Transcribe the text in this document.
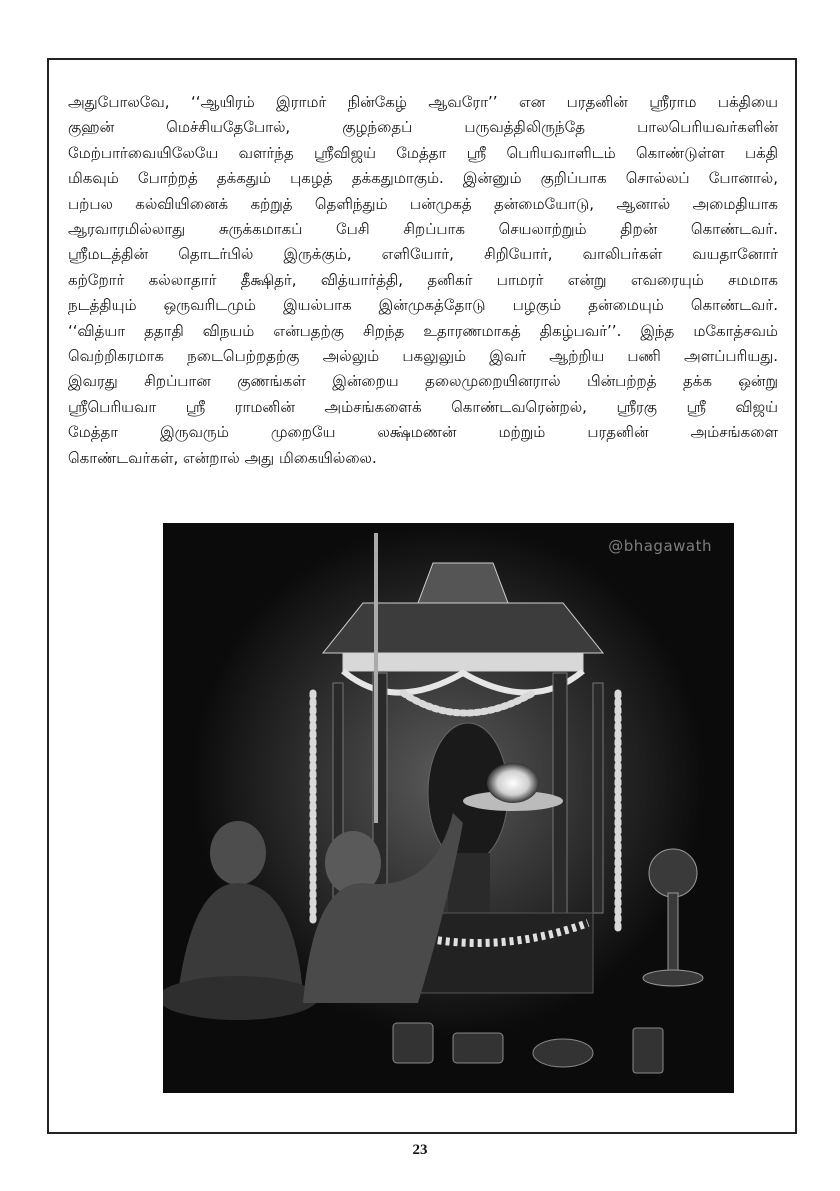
அதுபோலவே, ‘‘ஆயிரம் இராமர் நின்கேழ் ஆவரோ’’ என பரதனின் ஸ்ரீராம பக்தியை
குஹன் மெச்சியதேபோல், குழந்தைப் பருவத்திலிருந்தே பாலபெரியவர்களின்
மேற்பார்வையிலேயே வளர்ந்த ஸ்ரீவிஜய் மேத்தா ஸ்ரீ பெரியவாளிடம் கொண்டுள்ள பக்தி
மிகவும் போற்றத் தக்கதும் புகழத் தக்கதுமாகும். இன்னும் குறிப்பாக சொல்லப் போனால்,
பற்பல கல்வியினைக் கற்றுத் தெளிந்தும் பன்முகத் தன்மையோடு, ஆனால் அமைதியாக
ஆரவாரமில்லாது சுருக்கமாகப் பேசி சிறப்பாக செயலாற்றும் திறன் கொண்டவர்.
ஸ்ரீமடத்தின் தொடர்பில் இருக்கும், எளியோர், சிறியோர், வாலிபர்கள் வயதானோர்
கற்றோர் கல்லாதார் தீக்ஷிதர், வித்யார்த்தி, தனிகர் பாமரர் என்று எவரையும் சமமாக
நடத்தியும் ஒருவரிடமும் இயல்பாக இன்முகத்தோடு பழகும் தன்மையும் கொண்டவர்.
‘‘வித்யா ததாதி விநயம் என்பதற்கு சிறந்த உதாரணமாகத் திகழ்பவர்’’. இந்த மகோத்சவம்
வெற்றிகரமாக நடைபெற்றதற்கு அல்லும் பகலுலும் இவர் ஆற்றிய பணி அளப்பரியது.
இவரது சிறப்பான குணங்கள் இன்றைய தலைமுறையினரால் பின்பற்றத் தக்க ஒன்று
ஸ்ரீபெரியவா ஸ்ரீ ராமனின் அம்சங்களைக் கொண்டவரென்றல், ஸ்ரீரகு ஸ்ரீ விஜய்
மேத்தா இருவரும் முறையே லக்ஷ்மணன் மற்றும் பரதனின் அம்சங்களை
கொண்டவர்கள், என்றால் அது மிகையில்லை.
@bhagawath
23
